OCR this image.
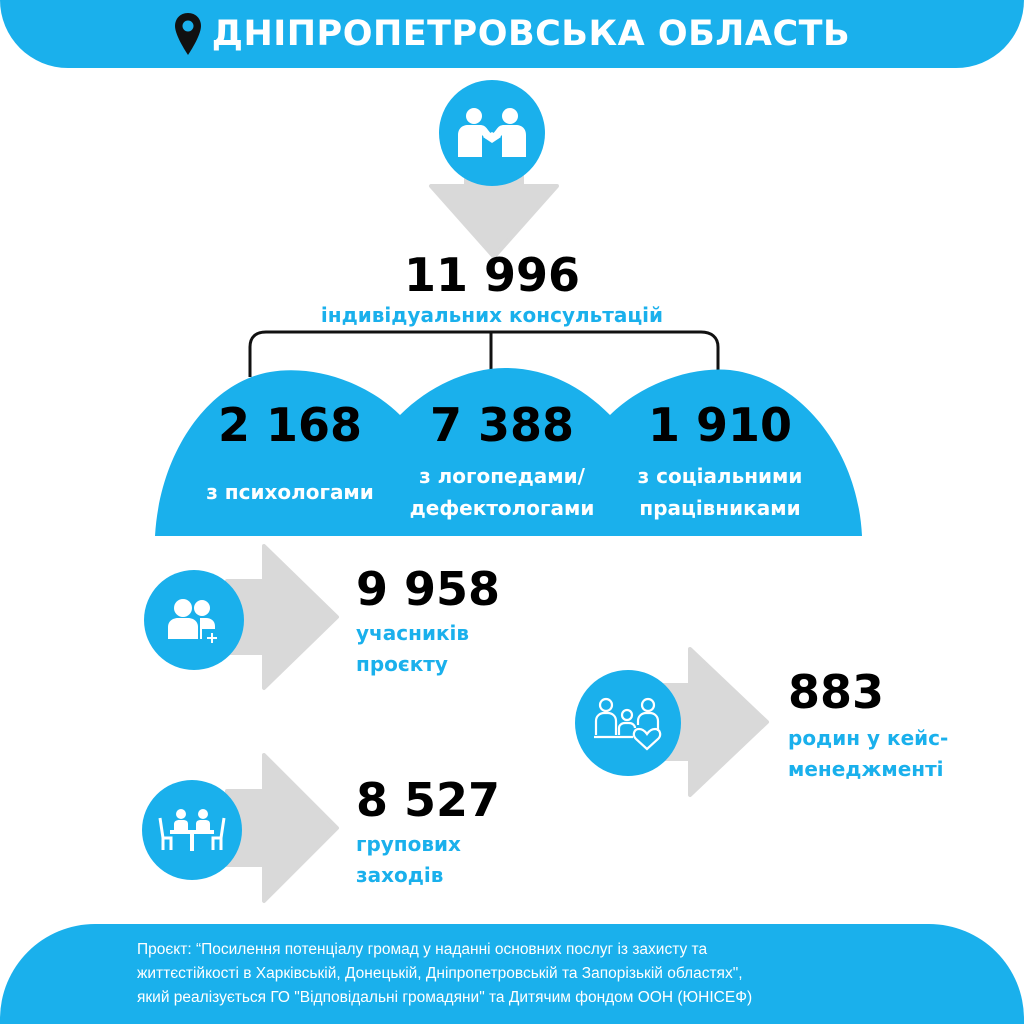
ДНІПРОПЕТРОВСЬКА ОБЛАСТЬ
11 996
індивідуальних консультацій
2 168
з психологами
7 388
з логопедами/
дефектологами
1 910
з соціальними
працівниками
9 958
учасників
проєкту
883
родин у кейс-
менеджменті
8 527
групових
заходів
Проєкт: “Посилення потенціалу громад у наданні основних послуг із захисту та
життєстійкості в Харківській, Донецькій, Дніпропетровській та Запорізькій областях",
який реалізується ГО "Відповідальні громадяни" та Дитячим фондом ООН (ЮНІСЕФ)
